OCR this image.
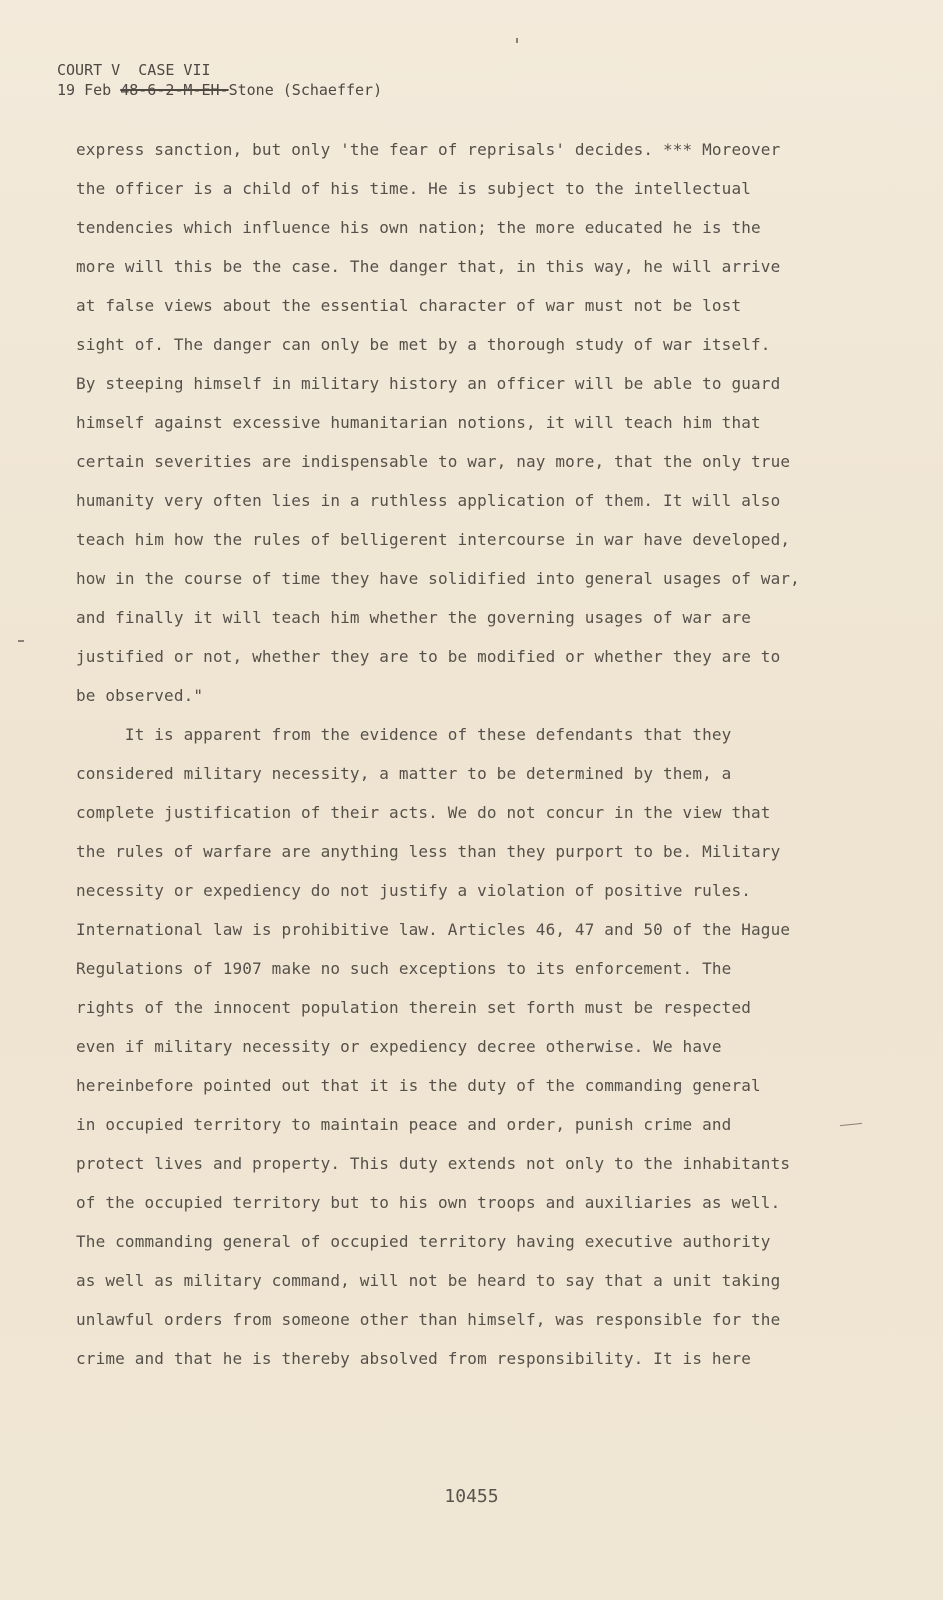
COURT V  CASE VII
19 Feb 48-6-2-M-EH-Stone (Schaeffer)
express sanction, but only 'the fear of reprisals' decides. *** Moreover
the officer is a child of his time. He is subject to the intellectual
tendencies which influence his own nation; the more educated he is the
more will this be the case. The danger that, in this way, he will arrive
at false views about the essential character of war must not be lost
sight of. The danger can only be met by a thorough study of war itself.
By steeping himself in military history an officer will be able to guard
himself against excessive humanitarian notions, it will teach him that
certain severities are indispensable to war, nay more, that the only true
humanity very often lies in a ruthless application of them. It will also
teach him how the rules of belligerent intercourse in war have developed,
how in the course of time they have solidified into general usages of war,
and finally it will teach him whether the governing usages of war are
justified or not, whether they are to be modified or whether they are to
be observed."
It is apparent from the evidence of these defendants that they
considered military necessity, a matter to be determined by them, a
complete justification of their acts. We do not concur in the view that
the rules of warfare are anything less than they purport to be. Military
necessity or expediency do not justify a violation of positive rules.
International law is prohibitive law. Articles 46, 47 and 50 of the Hague
Regulations of 1907 make no such exceptions to its enforcement. The
rights of the innocent population therein set forth must be respected
even if military necessity or expediency decree otherwise. We have
hereinbefore pointed out that it is the duty of the commanding general
in occupied territory to maintain peace and order, punish crime and
protect lives and property. This duty extends not only to the inhabitants
of the occupied territory but to his own troops and auxiliaries as well.
The commanding general of occupied territory having executive authority
as well as military command, will not be heard to say that a unit taking
unlawful orders from someone other than himself, was responsible for the
crime and that he is thereby absolved from responsibility. It is here
10455
